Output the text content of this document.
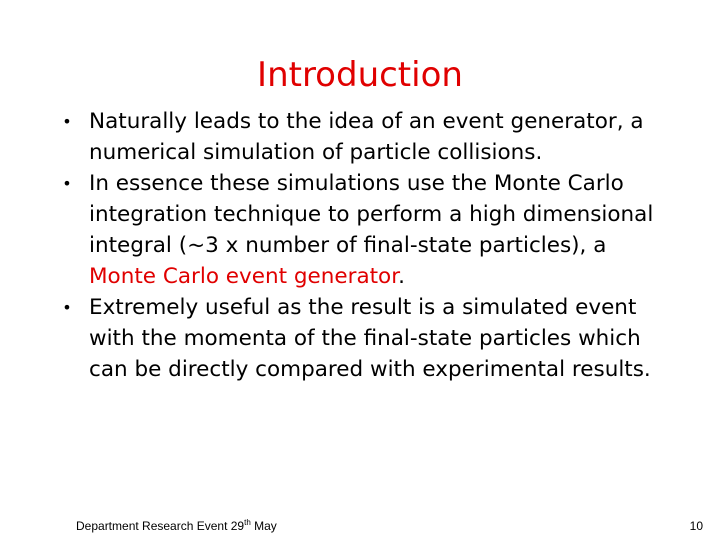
Introduction
• Naturally leads to the idea of an event generator, a numerical simulation of particle collisions.
• In essence these simulations use the Monte Carlo integration technique to perform a high dimensional integral (~3 x number of final-state particles), a Monte Carlo event generator.
• Extremely useful as the result is a simulated event with the momenta of the final-state particles which can be directly compared with experimental results.
Department Research Event 29th May	10
